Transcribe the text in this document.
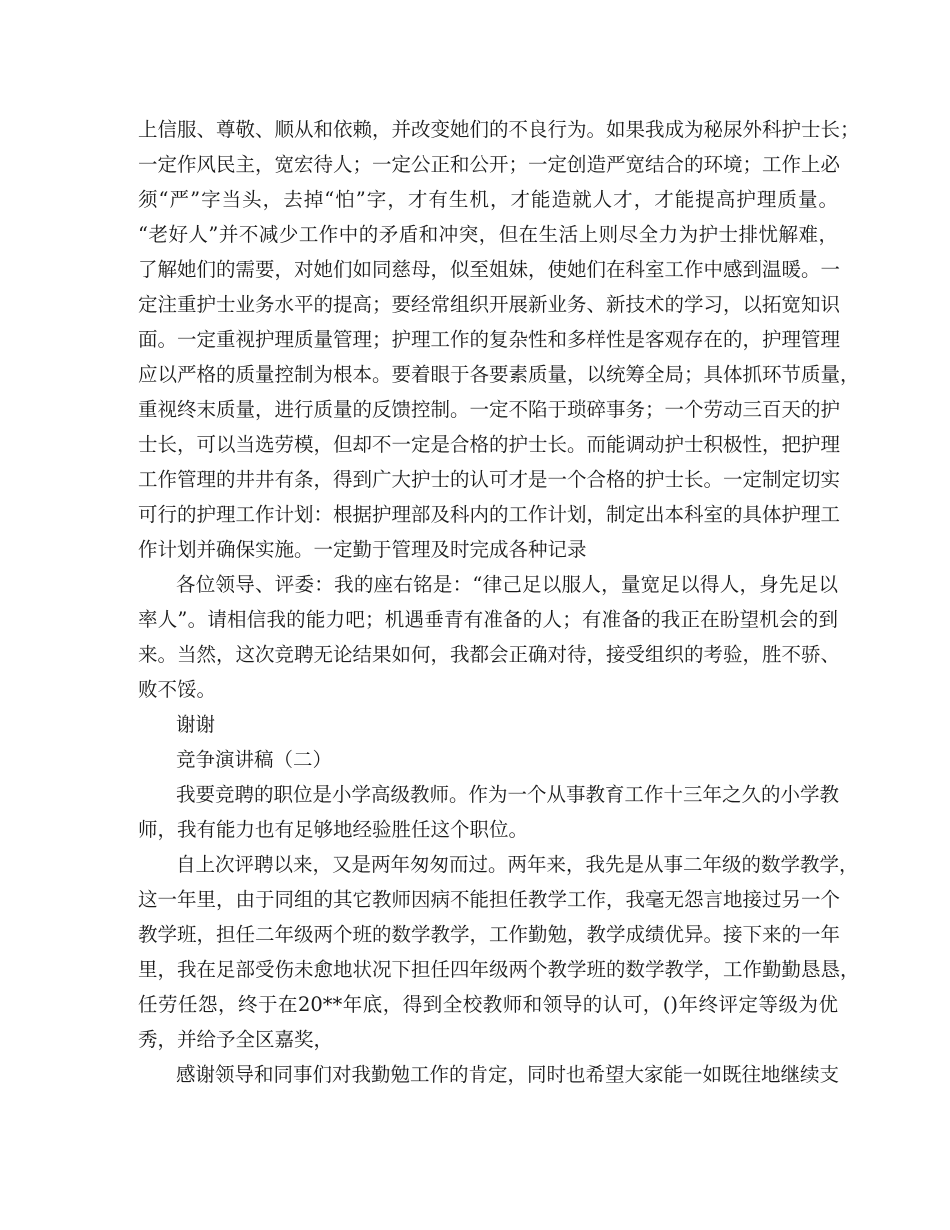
上信服、尊敬、顺从和依赖，并改变她们的不良行为。如果我成为秘尿外科护士长；
一定作风民主，宽宏待人；一定公正和公开；一定创造严宽结合的环境；工作上必
须“严”字当头，去掉“怕”字，才有生机，才能造就人才，才能提高护理质量。
“老好人”并不减少工作中的矛盾和冲突，但在生活上则尽全力为护士排忧解难，
了解她们的需要，对她们如同慈母，似至姐妹，使她们在科室工作中感到温暖。一
定注重护士业务水平的提高；要经常组织开展新业务、新技术的学习，以拓宽知识
面。一定重视护理质量管理；护理工作的复杂性和多样性是客观存在的，护理管理
应以严格的质量控制为根本。要着眼于各要素质量，以统筹全局；具体抓环节质量，
重视终末质量，进行质量的反馈控制。一定不陷于琐碎事务；一个劳动三百天的护
士长，可以当选劳模，但却不一定是合格的护士长。而能调动护士积极性，把护理
工作管理的井井有条，得到广大护士的认可才是一个合格的护士长。一定制定切实
可行的护理工作计划：根据护理部及科内的工作计划，制定出本科室的具体护理工
作计划并确保实施。一定勤于管理及时完成各种记录
各位领导、评委：我的座右铭是：“律己足以服人，量宽足以得人，身先足以
率人”。请相信我的能力吧；机遇垂青有准备的人；有准备的我正在盼望机会的到
来。当然，这次竞聘无论结果如何，我都会正确对待，接受组织的考验，胜不骄、
败不馁。
谢谢
竞争演讲稿（二）
我要竞聘的职位是小学高级教师。作为一个从事教育工作十三年之久的小学教
师，我有能力也有足够地经验胜任这个职位。
自上次评聘以来，又是两年匆匆而过。两年来，我先是从事二年级的数学教学，
这一年里，由于同组的其它教师因病不能担任教学工作，我毫无怨言地接过另一个
教学班，担任二年级两个班的数学教学，工作勤勉，教学成绩优异。接下来的一年
里，我在足部受伤未愈地状况下担任四年级两个教学班的数学教学，工作勤勤恳恳，
任劳任怨，终于在20**年底，得到全校教师和领导的认可，()年终评定等级为优
秀，并给予全区嘉奖，
感谢领导和同事们对我勤勉工作的肯定，同时也希望大家能一如既往地继续支
